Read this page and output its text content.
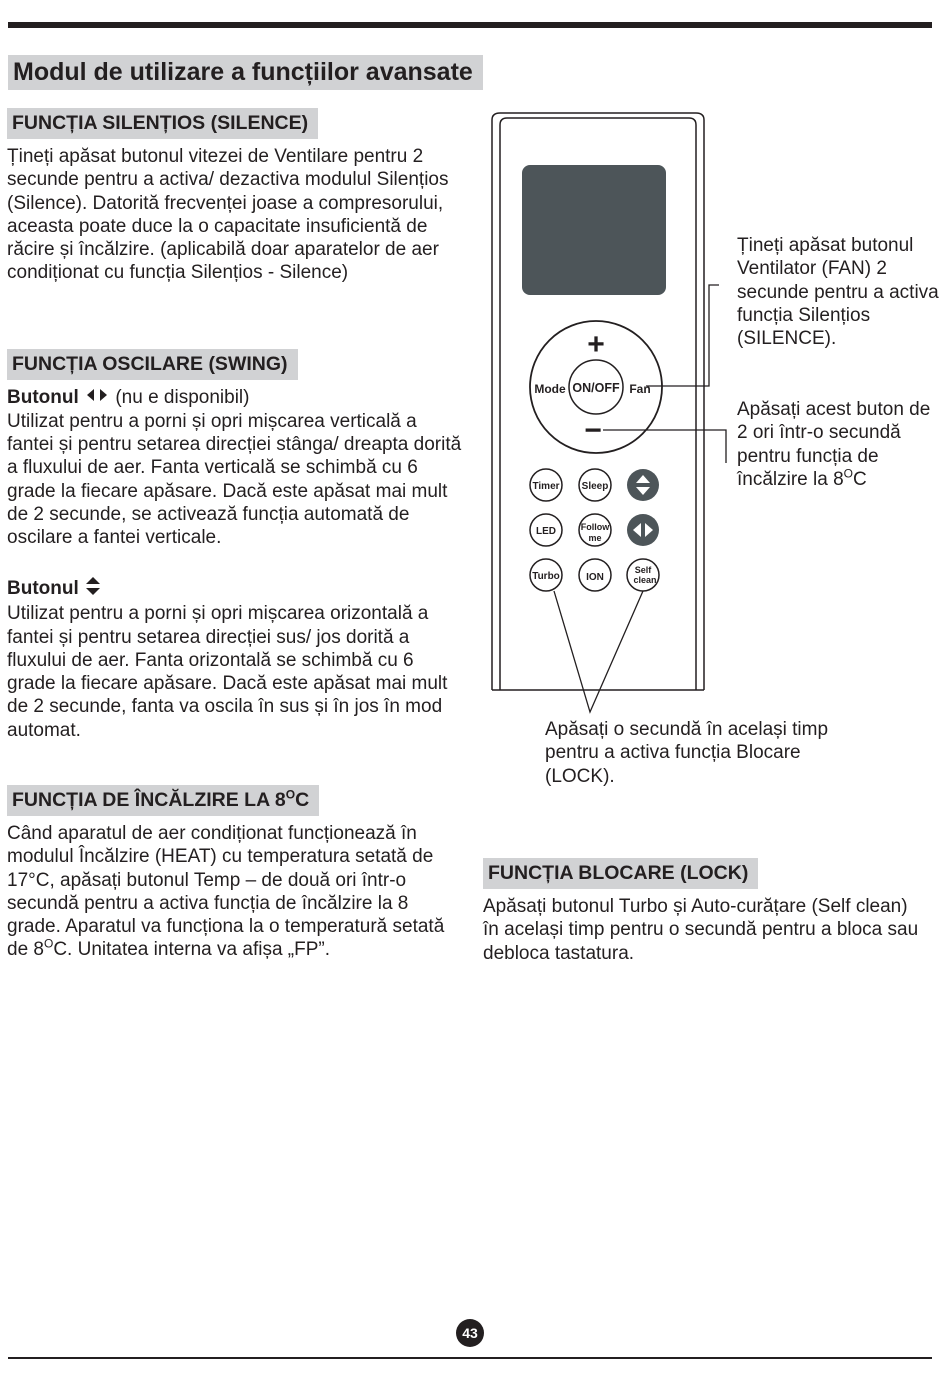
Modul de utilizare a funcțiilor avansate
FUNCȚIA SILENȚIOS (SILENCE)

Țineți apăsat butonul vitezei de Ventilare pentru 2 secunde pentru a activa/ dezactiva modulul Silențios (Silence). Datorită frecvenței joase a compresorului, aceasta poate duce la o capacitate insuficientă de răcire și încălzire. (aplicabilă doar aparatelor de aer condiționat cu funcția Silențios - Silence)

FUNCȚIA OSCILARE (SWING)
Butonul (nu e disponibil)
Utilizat pentru a porni și opri mișcarea verticală a fantei și pentru setarea direcției stânga/ dreapta dorită a fluxului de aer. Fanta verticală se schimbă cu 6 grade la fiecare apăsare. Dacă este apăsat mai mult de 2 secunde, se activează funcția automată de oscilare a fantei verticale.
Butonul
Utilizat pentru a porni și opri mișcarea orizontală a fantei și pentru setarea direcției sus/ jos dorită a fluxului de aer. Fanta orizontală se schimbă cu 6 grade la fiecare apăsare. Dacă este apăsat mai mult de 2 secunde, fanta va oscila în sus și în jos în mod automat.
FUNCȚIA DE ÎNCĂLZIRE LA $8^OC$

Când aparatul de aer condiționat funcționează în modulul Încălzire (HEAT) cu temperatura setată de 17°C, apăsați butonul Temp – de două ori într-o secundă pentru a activa funcția de încălzire la 8 grade. Aparatul va funcționa la o temperatură setată de $8^OC$. Unitatea interna va afișa „FP”.

+
−
Mode ON/OFF Fan
Timer Sleep
LED	Follow
me
Turbo	ION
Self
clean
Țineți apăsat butonul Ventilator (FAN) 2 secunde pentru a activa funcția Silențios (SILENCE).
Apăsați acest buton de 2 ori într-o secundă pentru funcția de încălzire la $8^OC$
Apăsați o secundă în același timp pentru a activa funcția Blocare (LOCK).
FUNCȚIA BLOCARE (LOCK)

Apăsați butonul Turbo și Auto-curățare (Self clean) în același timp pentru o secundă pentru a bloca sau debloca tastatura.

43
